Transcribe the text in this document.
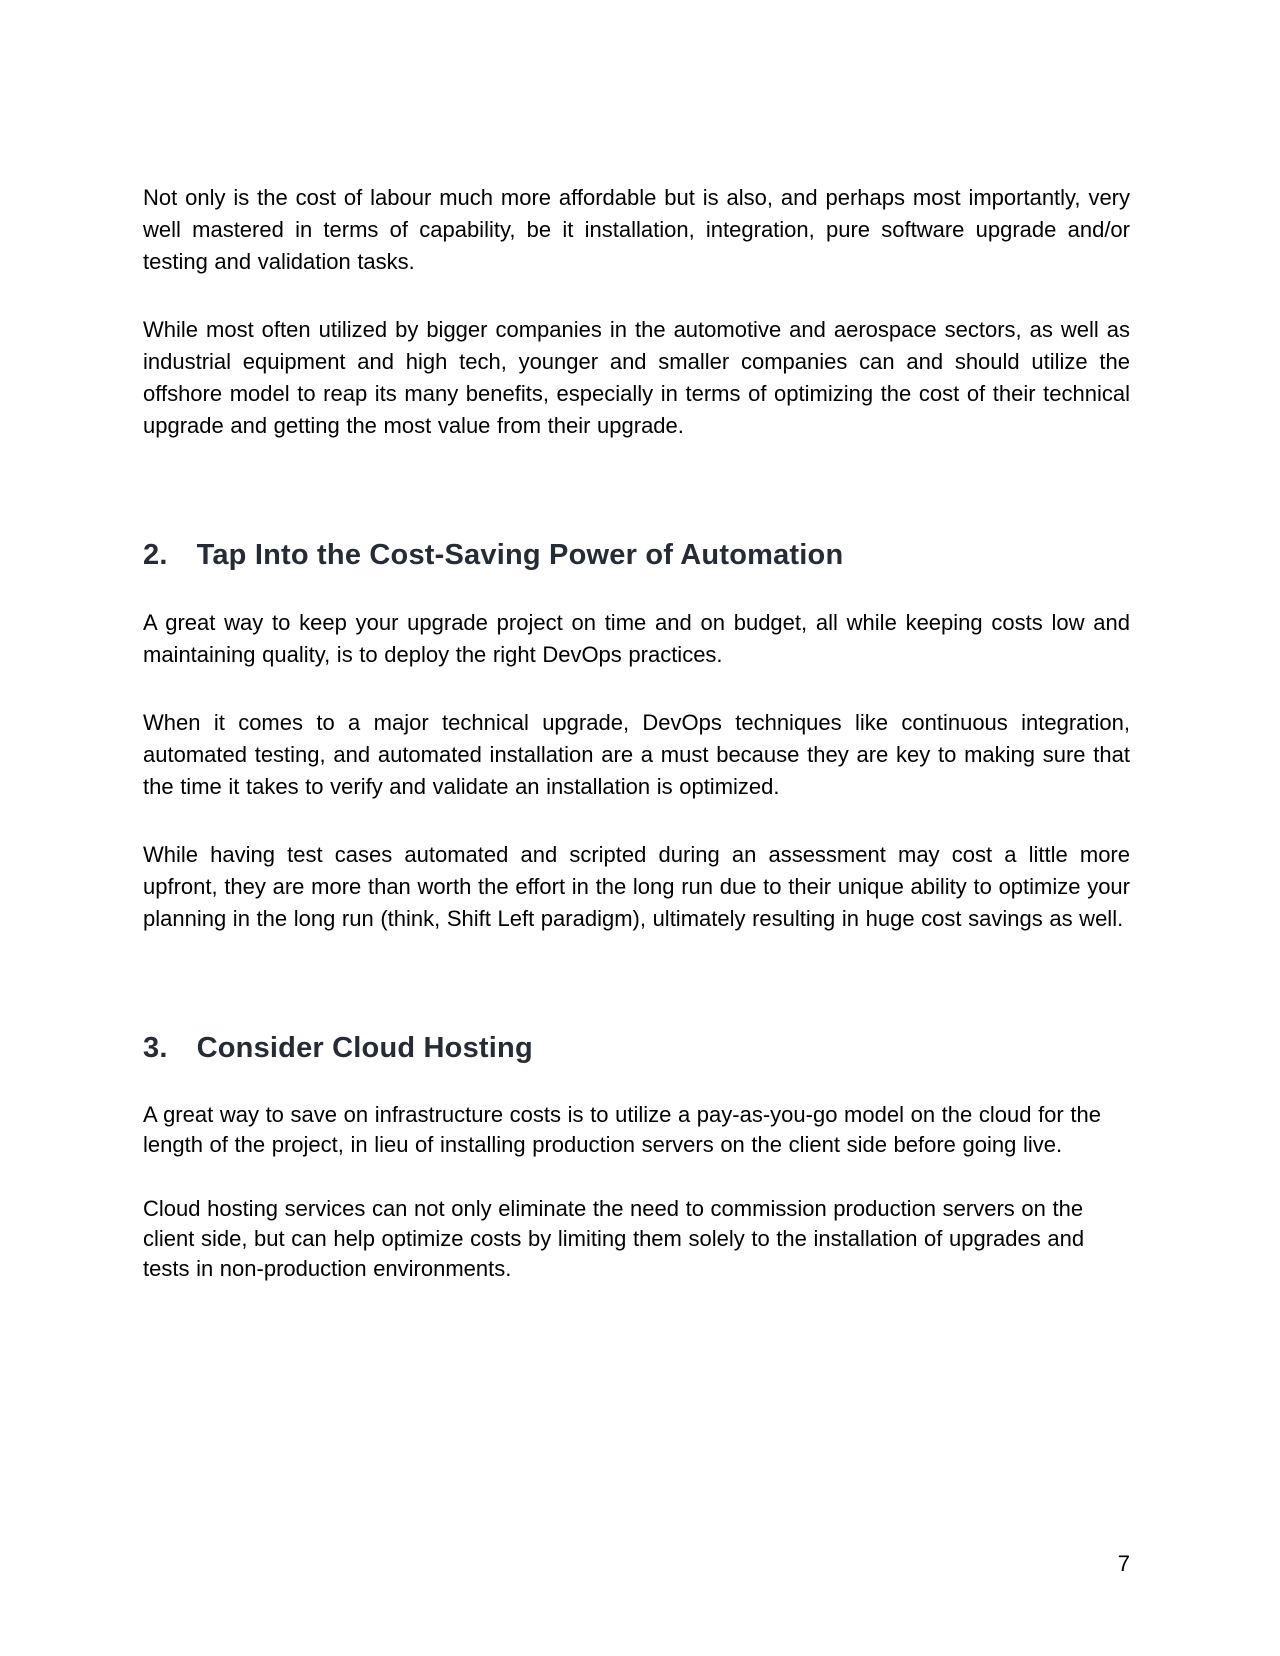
Not only is the cost of labour much more affordable but is also, and perhaps most importantly, very well mastered in terms of capability, be it installation, integration, pure software upgrade and/or testing and validation tasks.

While most often utilized by bigger companies in the automotive and aerospace sectors, as well as industrial equipment and high tech, younger and smaller companies can and should utilize the offshore model to reap its many benefits, especially in terms of optimizing the cost of their technical upgrade and getting the most value from their upgrade.

2. Tap Into the Cost-Saving Power of Automation

A great way to keep your upgrade project on time and on budget, all while keeping costs low and maintaining quality, is to deploy the right DevOps practices.

When it comes to a major technical upgrade, DevOps techniques like continuous integration, automated testing, and automated installation are a must because they are key to making sure that the time it takes to verify and validate an installation is optimized.

While having test cases automated and scripted during an assessment may cost a little more upfront, they are more than worth the effort in the long run due to their unique ability to optimize your planning in the long run (think, Shift Left paradigm), ultimately resulting in huge cost savings as well.

3. Consider Cloud Hosting

A great way to save on infrastructure costs is to utilize a pay-as-you-go model on the cloud for the length of the project, in lieu of installing production servers on the client side before going live.

Cloud hosting services can not only eliminate the need to commission production servers on the client side, but can help optimize costs by limiting them solely to the installation of upgrades and tests in non-production environments.

7
